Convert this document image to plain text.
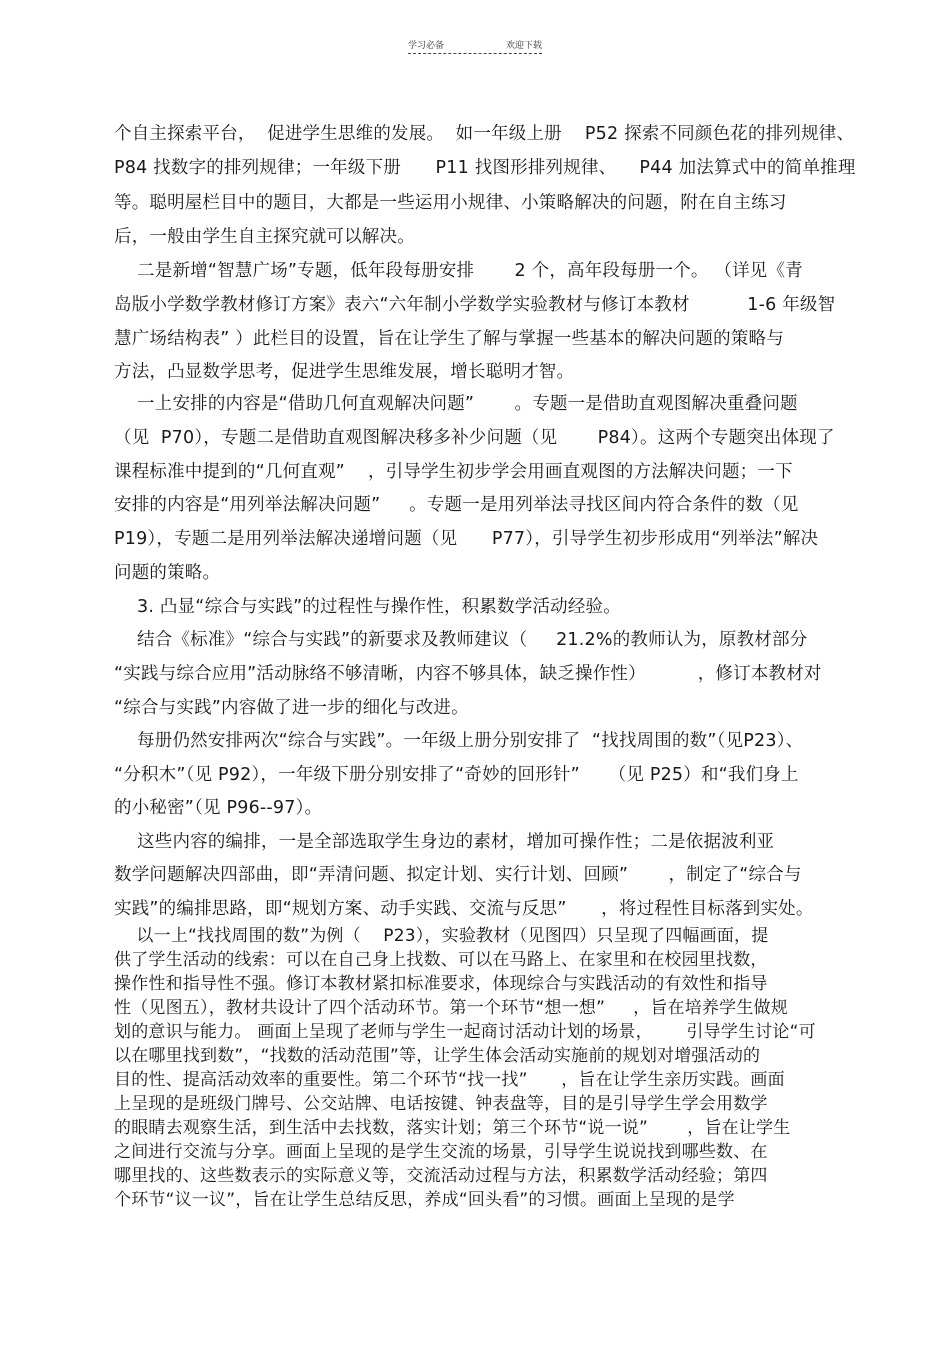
学习必备	欢迎下载
个自主探索平台，  促进学生思维的发展。  如一年级上册    P52 探索不同颜色花的排列规律、
P84 找数字的排列规律；一年级下册      P11 找图形排列规律、    P44 加法算式中的简单推理
等。聪明屋栏目中的题目，大都是一些运用小规律、小策略解决的问题，附在自主练习
后，一般由学生自主探究就可以解决。
二是新增“智慧广场”专题，低年段每册安排       2 个，高年段每册一个。 （详见《青
岛版小学数学教材修订方案》表六“六年制小学数学实验教材与修订本教材          1-6 年级智
慧广场结构表” ）此栏目的设置，旨在让学生了解与掌握一些基本的解决问题的策略与
方法，凸显数学思考，促进学生思维发展，增长聪明才智。
一上安排的内容是“借助几何直观解决问题”       。专题一是借助直观图解决重叠问题
（见  P70），专题二是借助直观图解决移多补少问题（见       P84）。这两个专题突出体现了
课程标准中提到的“几何直观”    ，引导学生初步学会用画直观图的方法解决问题；一下
安排的内容是“用列举法解决问题”     。专题一是用列举法寻找区间内符合条件的数（见
P19），专题二是用列举法解决递增问题（见      P77），引导学生初步形成用“列举法”解决
问题的策略。
3. 凸显“综合与实践”的过程性与操作性，积累数学活动经验。
结合《标准》“综合与实践”的新要求及教师建议（     21.2%的教师认为，原教材部分
“实践与综合应用”活动脉络不够清晰，内容不够具体，缺乏操作性）         ，修订本教材对
“综合与实践”内容做了进一步的细化与改进。
每册仍然安排两次“综合与实践”。一年级上册分别安排了  “找找周围的数”（见P23）、
“分积木”（见 P92），一年级下册分别安排了“奇妙的回形针”     （见 P25）和“我们身上
的小秘密”（见 P96--97）。
这些内容的编排，一是全部选取学生身边的素材，增加可操作性；二是依据波利亚
数学问题解决四部曲，即“弄清问题、拟定计划、实行计划、回顾”       ，制定了“综合与
实践”的编排思路，即“规划方案、动手实践、交流与反思”      ，将过程性目标落到实处。
以一上“找找周围的数”为例（    P23），实验教材（见图四）只呈现了四幅画面，提
供了学生活动的线索：可以在自己身上找数、可以在马路上、在家里和在校园里找数，
操作性和指导性不强。修订本教材紧扣标准要求，体现综合与实践活动的有效性和指导
性（见图五），教材共设计了四个活动环节。第一个环节“想一想”     ，旨在培养学生做规
划的意识与能力。 画面上呈现了老师与学生一起商讨活动计划的场景，      引导学生讨论“可
以在哪里找到数”，“找数的活动范围”等，让学生体会活动实施前的规划对增强活动的
目的性、提高活动效率的重要性。第二个环节“找一找”      ，旨在让学生亲历实践。画面
上呈现的是班级门牌号、公交站牌、电话按键、钟表盘等，目的是引导学生学会用数学
的眼睛去观察生活，到生活中去找数，落实计划；第三个环节“说一说”       ，旨在让学生
之间进行交流与分享。画面上呈现的是学生交流的场景，引导学生说说找到哪些数、在
哪里找的、这些数表示的实际意义等，交流活动过程与方法，积累数学活动经验；第四
个环节“议一议”，旨在让学生总结反思，养成“回头看”的习惯。画面上呈现的是学
